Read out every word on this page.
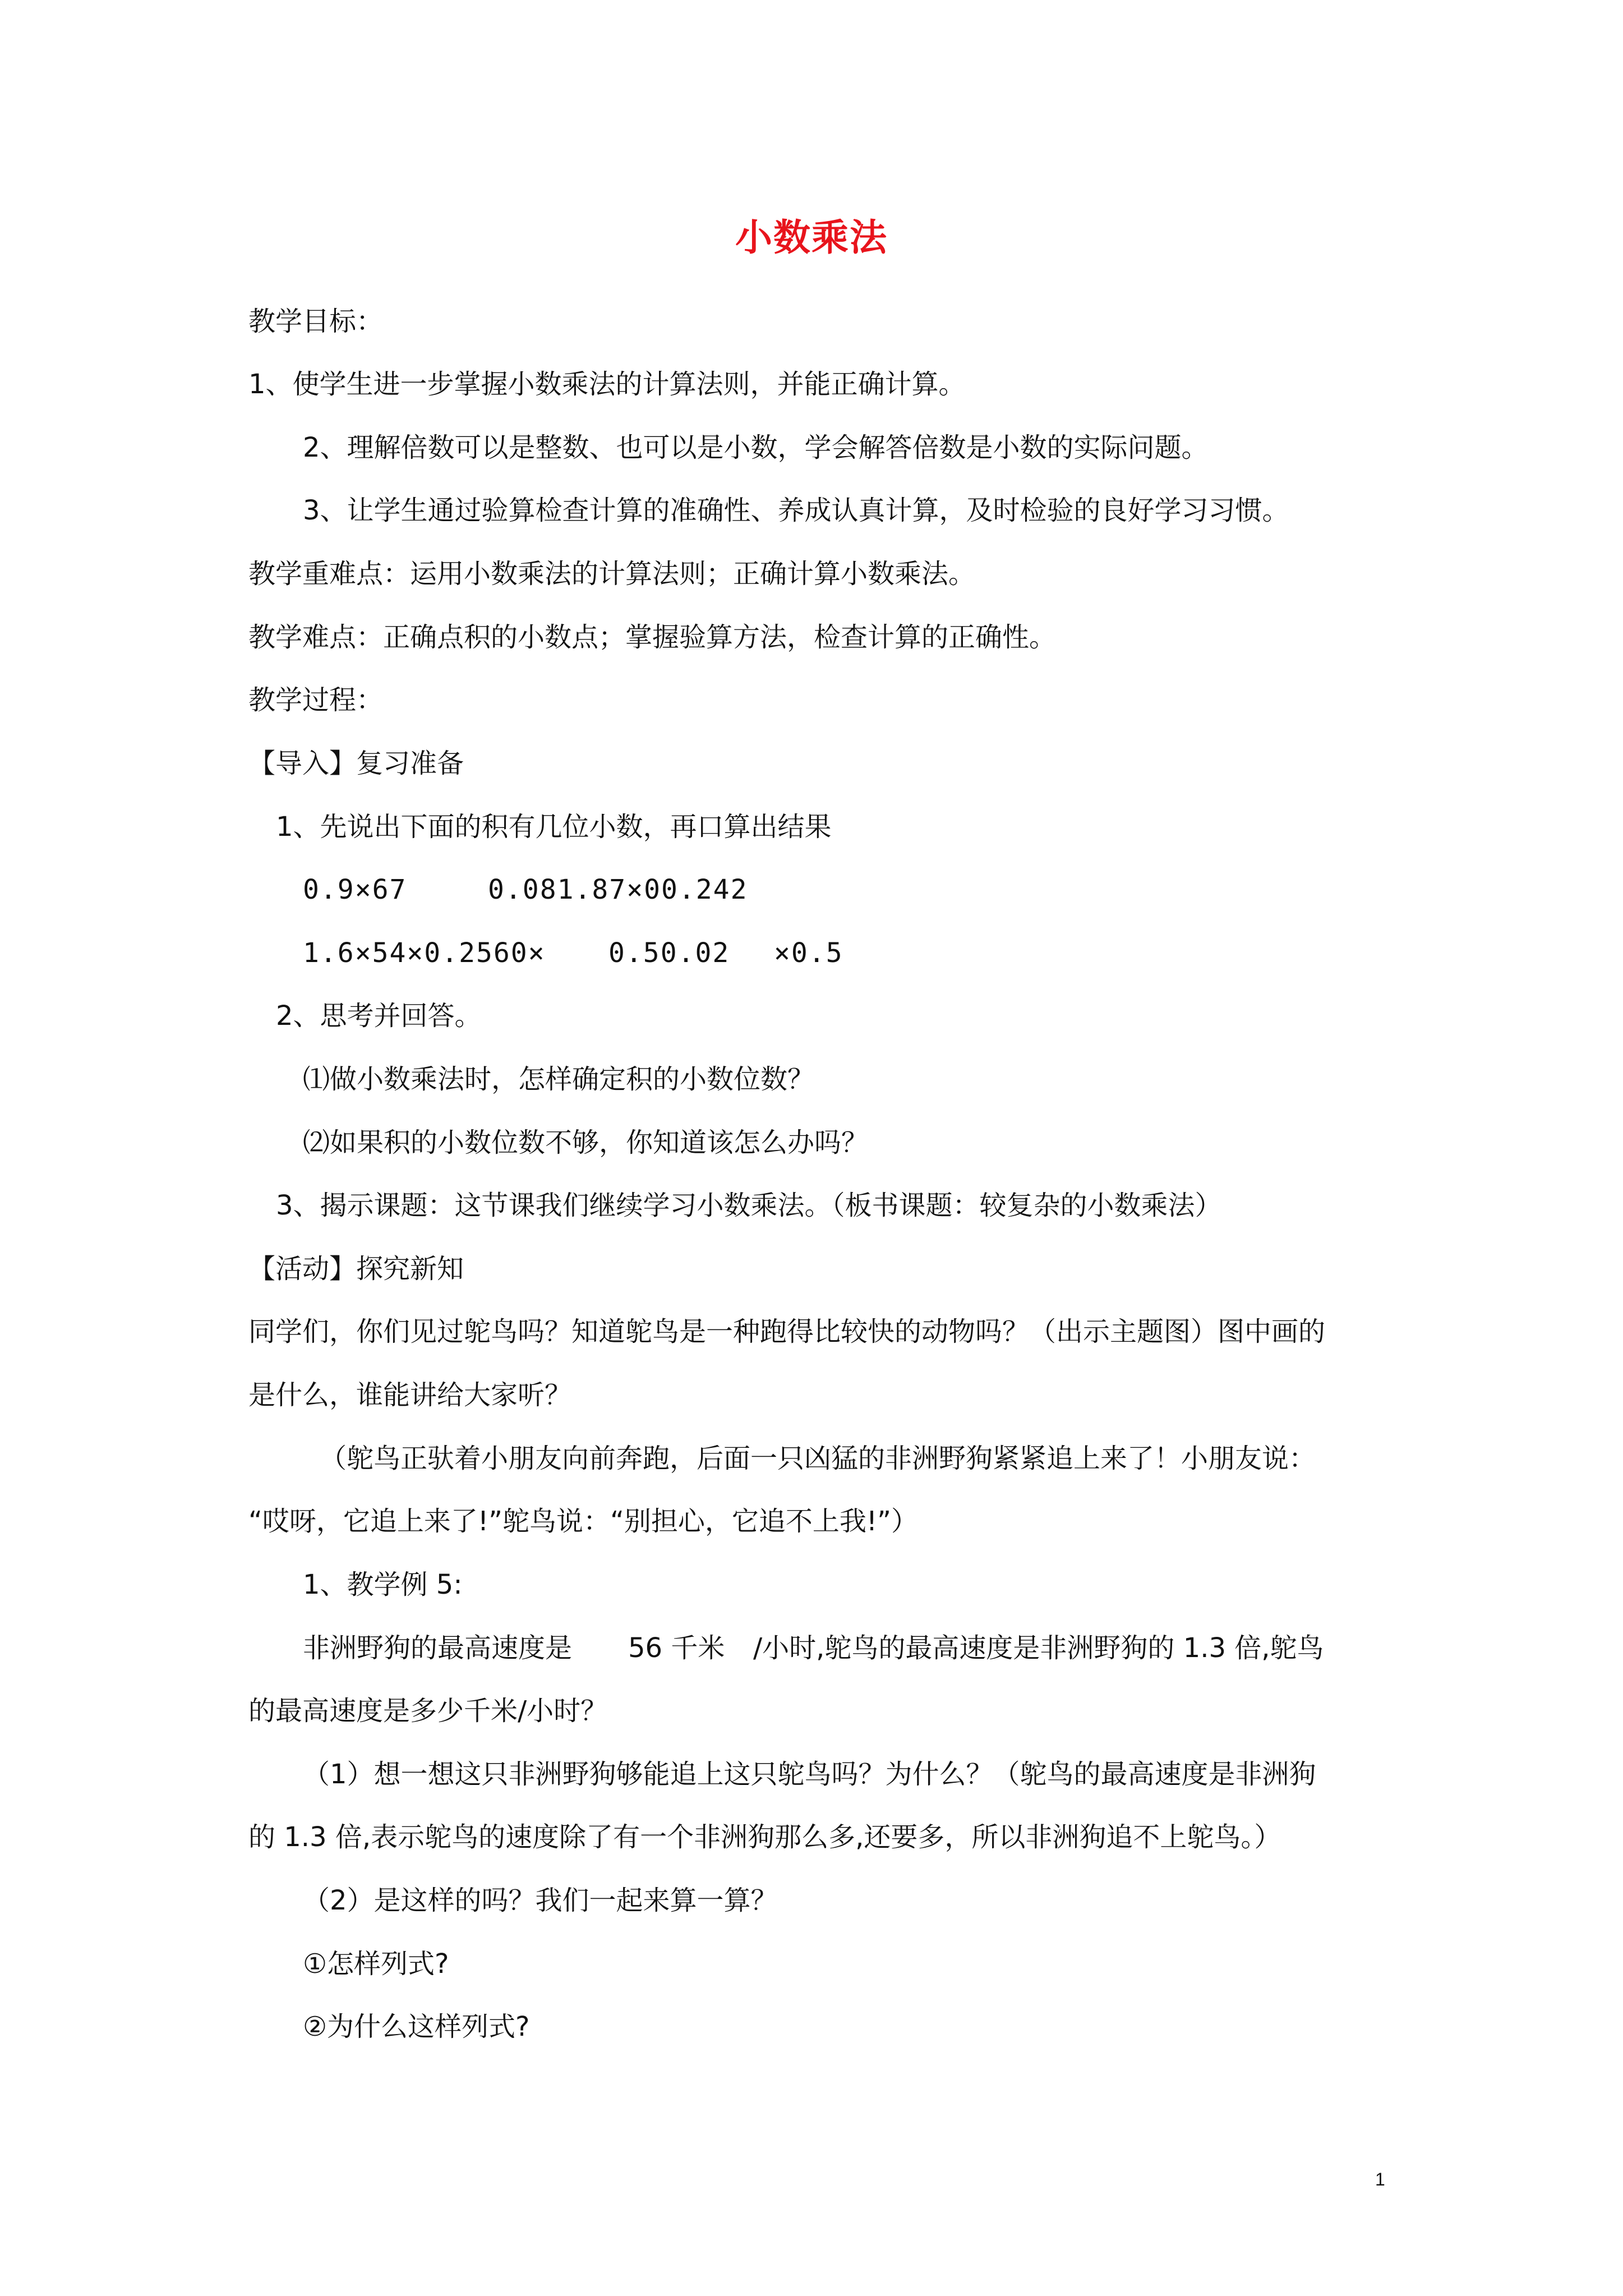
小数乘法
教学目标：
1、使学生进一步掌握小数乘法的计算法则，并能正确计算。
2、理解倍数可以是整数、也可以是小数，学会解答倍数是小数的实际问题。
3、让学生通过验算检查计算的准确性、养成认真计算，及时检验的良好学习习惯。
教学重难点：运用小数乘法的计算法则；正确计算小数乘法。
教学难点：正确点积的小数点；掌握验算方法，检查计算的正确性。
教学过程：
【导入】复习准备
1、先说出下面的积有几位小数，再口算出结果
0.9×67	0.081.87×00.242
1.6×54×0.2560× 0.50.02 ×0.5
2、思考并回答。
⑴做小数乘法时，怎样确定积的小数位数？
⑵如果积的小数位数不够，你知道该怎么办吗？
3、揭示课题：这节课我们继续学习小数乘法。（板书课题：较复杂的小数乘法）
【活动】探究新知
同学们，你们见过鸵鸟吗？知道鸵鸟是一种跑得比较快的动物吗？（出示主题图）图中画的
是什么，谁能讲给大家听？
（鸵鸟正驮着小朋友向前奔跑，后面一只凶猛的非洲野狗紧紧追上来了！小朋友说：
“哎呀，它追上来了!”鸵鸟说：“别担心，它追不上我!”）
1、教学例 5:
非洲野狗的最高速度是 56 千米 /小时,鸵鸟的最高速度是非洲野狗的 1.3 倍,鸵鸟
的最高速度是多少千米/小时？
（1）想一想这只非洲野狗够能追上这只鸵鸟吗？为什么？（鸵鸟的最高速度是非洲狗
的 1.3 倍,表示鸵鸟的速度除了有一个非洲狗那么多,还要多，所以非洲狗追不上鸵鸟。）
（2）是这样的吗？我们一起来算一算？
①怎样列式?
②为什么这样列式?
1
